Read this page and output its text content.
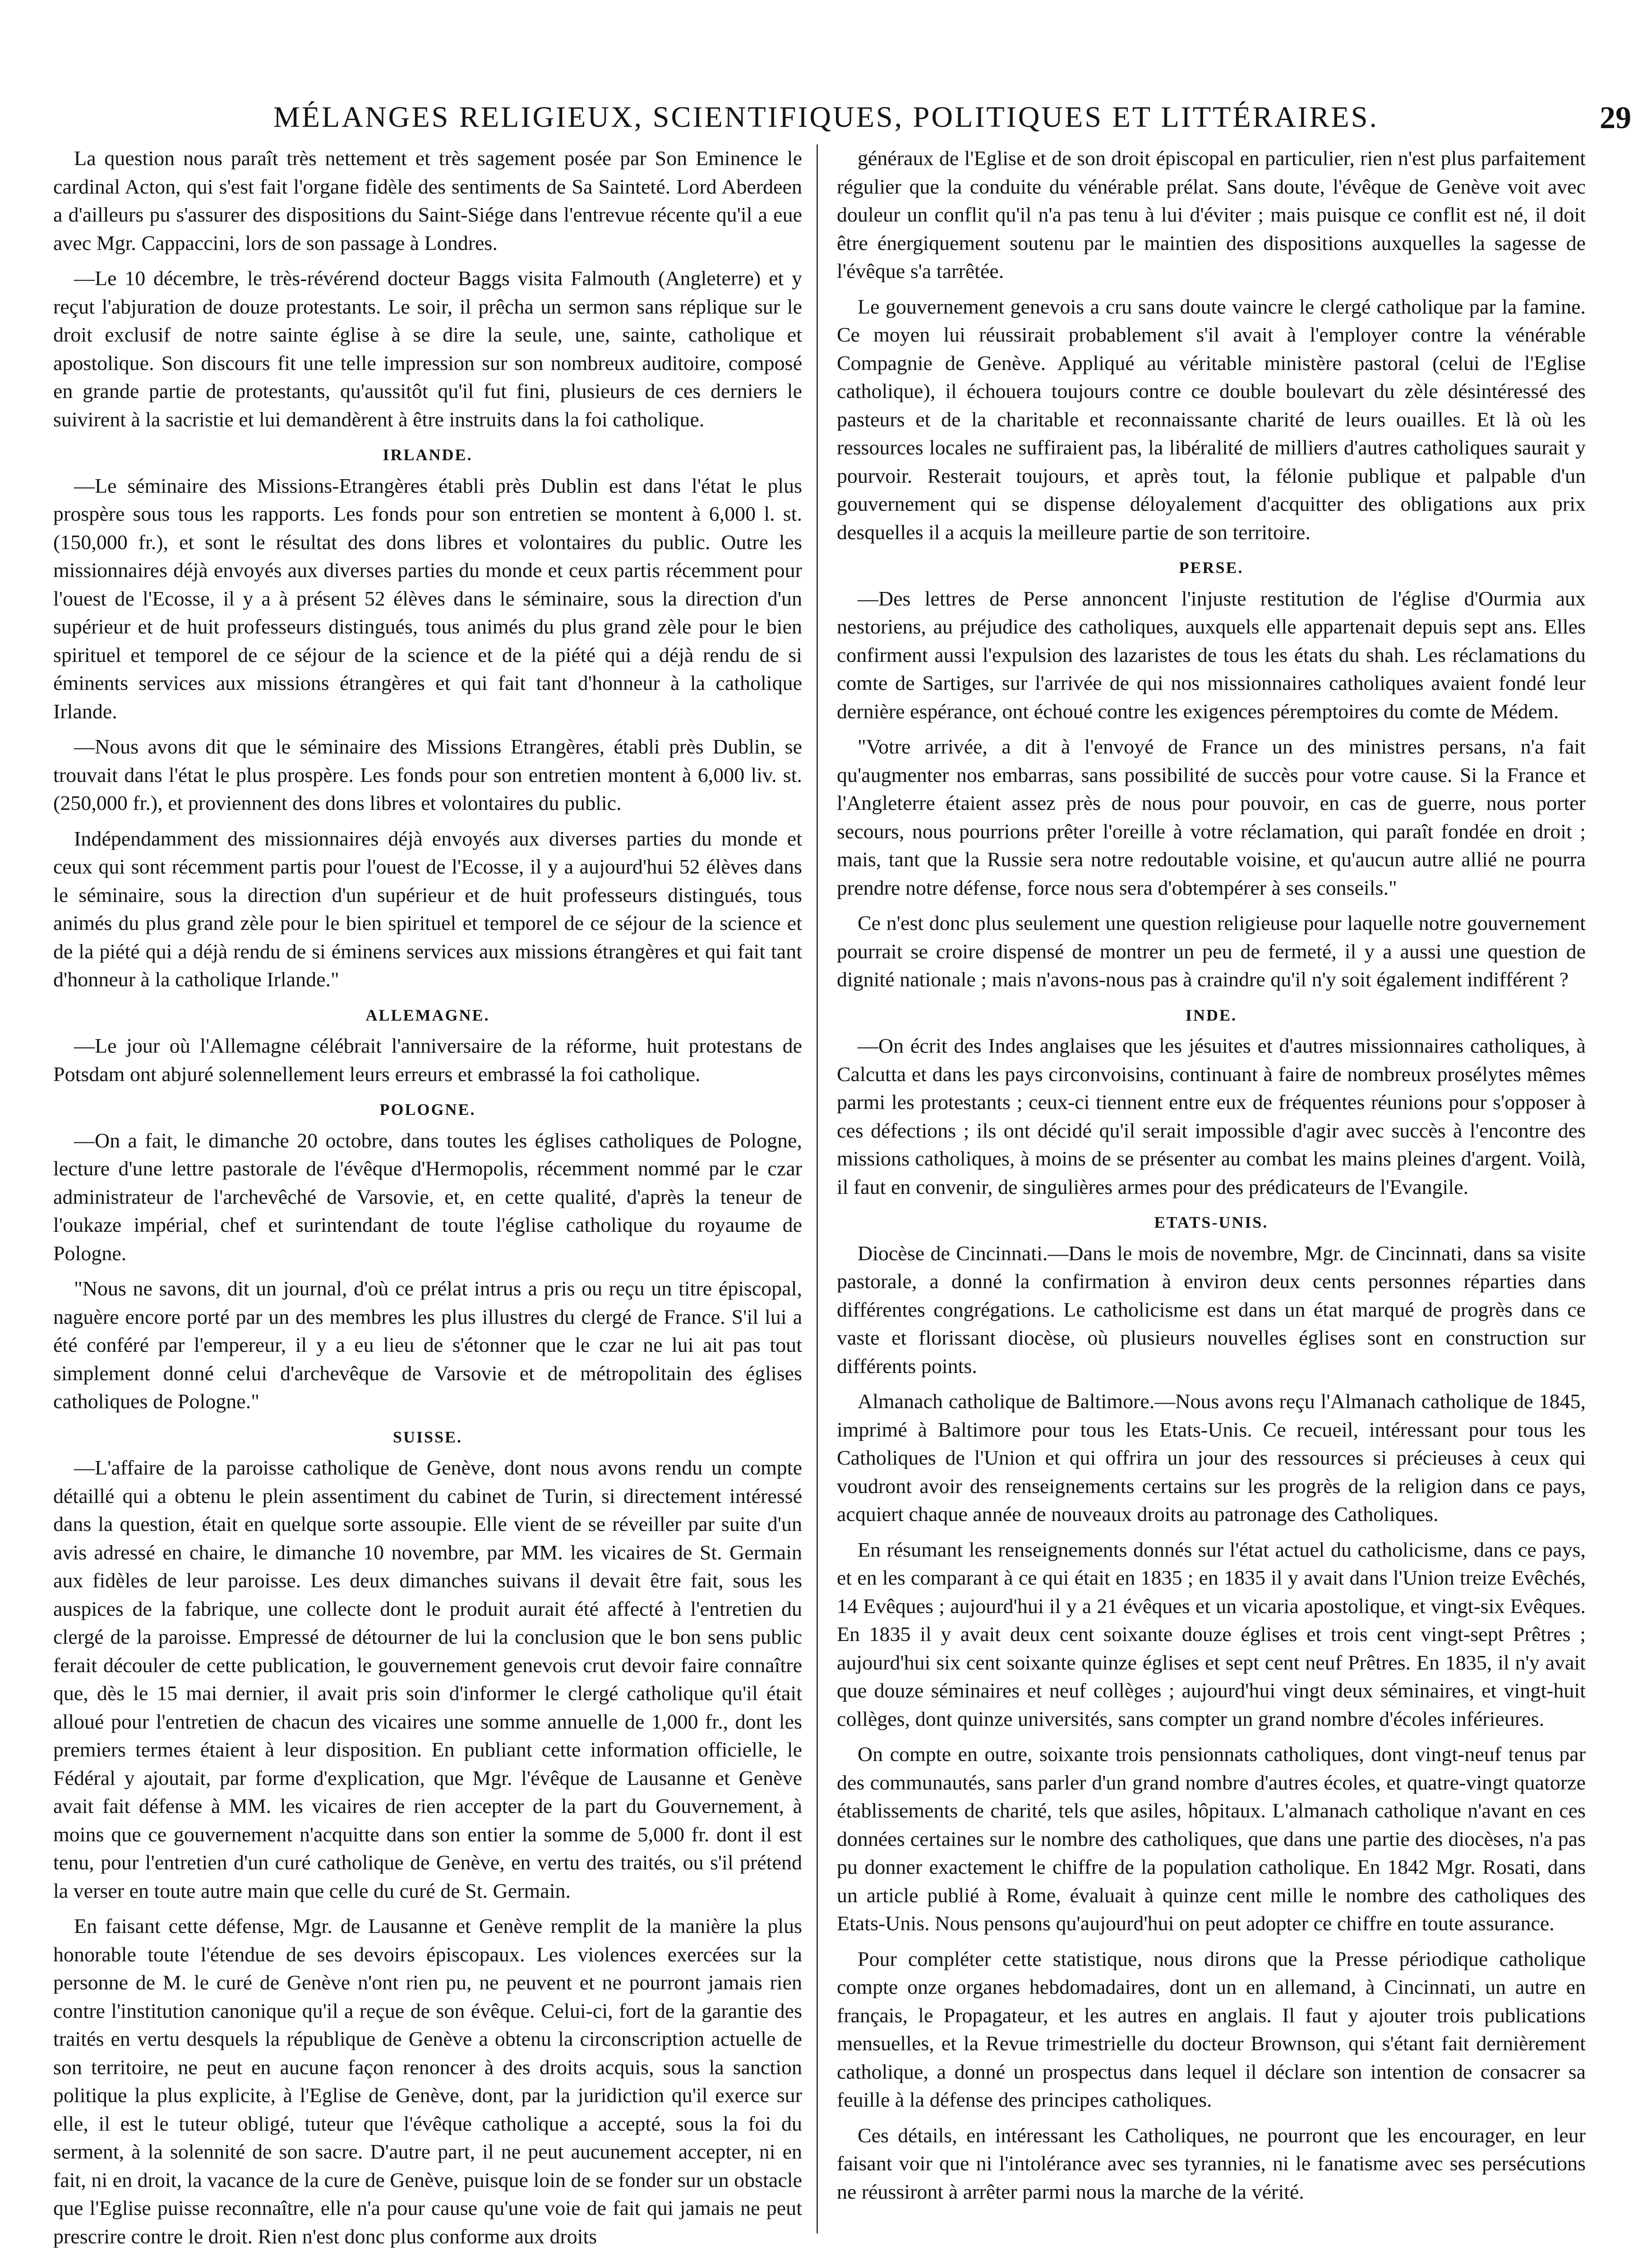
MÉLANGES RELIGIEUX, SCIENTIFIQUES, POLITIQUES ET LITTÉRAIRES.	29

La question nous paraît très nettement et très sagement posée par Son Eminence le cardinal Acton, qui s'est fait l'organe fidèle des sentiments de Sa Sainteté. Lord Aberdeen a d'ailleurs pu s'assurer des dispositions du Saint-Siége dans l'entrevue récente qu'il a eue avec Mgr. Cappaccini, lors de son passage à Londres.

—Le 10 décembre, le très-révérend docteur Baggs visita Falmouth (Angleterre) et y reçut l'abjuration de douze protestants. Le soir, il prêcha un sermon sans réplique sur le droit exclusif de notre sainte église à se dire la seule, une, sainte, catholique et apostolique. Son discours fit une telle impression sur son nombreux auditoire, composé en grande partie de protestants, qu'aussitôt qu'il fut fini, plusieurs de ces derniers le suivirent à la sacristie et lui demandèrent à être instruits dans la foi catholique.

IRLANDE.

—Le séminaire des Missions-Etrangères établi près Dublin est dans l'état le plus prospère sous tous les rapports. Les fonds pour son entretien se montent à 6,000 l. st. (150,000 fr.), et sont le résultat des dons libres et volontaires du public. Outre les missionnaires déjà envoyés aux diverses parties du monde et ceux partis récemment pour l'ouest de l'Ecosse, il y a à présent 52 élèves dans le séminaire, sous la direction d'un supérieur et de huit professeurs distingués, tous animés du plus grand zèle pour le bien spirituel et temporel de ce séjour de la science et de la piété qui a déjà rendu de si éminents services aux missions étrangères et qui fait tant d'honneur à la catholique Irlande.

—Nous avons dit que le séminaire des Missions Etrangères, établi près Dublin, se trouvait dans l'état le plus prospère. Les fonds pour son entretien montent à 6,000 liv. st. (250,000 fr.), et proviennent des dons libres et volontaires du public.

Indépendamment des missionnaires déjà envoyés aux diverses parties du monde et ceux qui sont récemment partis pour l'ouest de l'Ecosse, il y a aujourd'hui 52 élèves dans le séminaire, sous la direction d'un supérieur et de huit professeurs distingués, tous animés du plus grand zèle pour le bien spirituel et temporel de ce séjour de la science et de la piété qui a déjà rendu de si éminens services aux missions étrangères et qui fait tant d'honneur à la catholique Irlande."

ALLEMAGNE.

—Le jour où l'Allemagne célébrait l'anniversaire de la réforme, huit protestans de Potsdam ont abjuré solennellement leurs erreurs et embrassé la foi catholique.

POLOGNE.

—On a fait, le dimanche 20 octobre, dans toutes les églises catholiques de Pologne, lecture d'une lettre pastorale de l'évêque d'Hermopolis, récemment nommé par le czar administrateur de l'archevêché de Varsovie, et, en cette qualité, d'après la teneur de l'oukaze impérial, chef et surintendant de toute l'église catholique du royaume de Pologne.

"Nous ne savons, dit un journal, d'où ce prélat intrus a pris ou reçu un titre épiscopal, naguère encore porté par un des membres les plus illustres du clergé de France. S'il lui a été conféré par l'empereur, il y a eu lieu de s'étonner que le czar ne lui ait pas tout simplement donné celui d'archevêque de Varsovie et de métropolitain des églises catholiques de Pologne."

SUISSE.

—L'affaire de la paroisse catholique de Genève, dont nous avons rendu un compte détaillé qui a obtenu le plein assentiment du cabinet de Turin, si directement intéressé dans la question, était en quelque sorte assoupie. Elle vient de se réveiller par suite d'un avis adressé en chaire, le dimanche 10 novembre, par MM. les vicaires de St. Germain aux fidèles de leur paroisse. Les deux dimanches suivans il devait être fait, sous les auspices de la fabrique, une collecte dont le produit aurait été affecté à l'entretien du clergé de la paroisse. Empressé de détourner de lui la conclusion que le bon sens public ferait découler de cette publication, le gouvernement genevois crut devoir faire connaître que, dès le 15 mai dernier, il avait pris soin d'informer le clergé catholique qu'il était alloué pour l'entretien de chacun des vicaires une somme annuelle de 1,000 fr., dont les premiers termes étaient à leur disposition. En publiant cette information officielle, le Fédéral y ajoutait, par forme d'explication, que Mgr. l'évêque de Lausanne et Genève avait fait défense à MM. les vicaires de rien accepter de la part du Gouvernement, à moins que ce gouvernement n'acquitte dans son entier la somme de 5,000 fr. dont il est tenu, pour l'entretien d'un curé catholique de Genève, en vertu des traités, ou s'il prétend la verser en toute autre main que celle du curé de St. Germain.

En faisant cette défense, Mgr. de Lausanne et Genève remplit de la manière la plus honorable toute l'étendue de ses devoirs épiscopaux. Les violences exercées sur la personne de M. le curé de Genève n'ont rien pu, ne peuvent et ne pourront jamais rien contre l'institution canonique qu'il a reçue de son évêque. Celui-ci, fort de la garantie des traités en vertu desquels la république de Genève a obtenu la circonscription actuelle de son territoire, ne peut en aucune façon renoncer à des droits acquis, sous la sanction politique la plus explicite, à l'Eglise de Genève, dont, par la juridiction qu'il exerce sur elle, il est le tuteur obligé, tuteur que l'évêque catholique a accepté, sous la foi du serment, à la solennité de son sacre. D'autre part, il ne peut aucunement accepter, ni en fait, ni en droit, la vacance de la cure de Genève, puisque loin de se fonder sur un obstacle que l'Eglise puisse reconnaître, elle n'a pour cause qu'une voie de fait qui jamais ne peut prescrire contre le droit. Rien n'est donc plus conforme aux droits

généraux de l'Eglise et de son droit épiscopal en particulier, rien n'est plus parfaitement régulier que la conduite du vénérable prélat. Sans doute, l'évêque de Genève voit avec douleur un conflit qu'il n'a pas tenu à lui d'éviter ; mais puisque ce conflit est né, il doit être énergiquement soutenu par le maintien des dispositions auxquelles la sagesse de l'évêque s'a tarrêtée.

Le gouvernement genevois a cru sans doute vaincre le clergé catholique par la famine. Ce moyen lui réussirait probablement s'il avait à l'employer contre la vénérable Compagnie de Genève. Appliqué au véritable ministère pastoral (celui de l'Eglise catholique), il échouera toujours contre ce double boulevart du zèle désintéressé des pasteurs et de la charitable et reconnaissante charité de leurs ouailles. Et là où les ressources locales ne suffiraient pas, la libéralité de milliers d'autres catholiques saurait y pourvoir. Resterait toujours, et après tout, la félonie publique et palpable d'un gouvernement qui se dispense déloyalement d'acquitter des obligations aux prix desquelles il a acquis la meilleure partie de son territoire.

PERSE.

—Des lettres de Perse annoncent l'injuste restitution de l'église d'Ourmia aux nestoriens, au préjudice des catholiques, auxquels elle appartenait depuis sept ans. Elles confirment aussi l'expulsion des lazaristes de tous les états du shah. Les réclamations du comte de Sartiges, sur l'arrivée de qui nos missionnaires catholiques avaient fondé leur dernière espérance, ont échoué contre les exigences péremptoires du comte de Médem.

"Votre arrivée, a dit à l'envoyé de France un des ministres persans, n'a fait qu'augmenter nos embarras, sans possibilité de succès pour votre cause. Si la France et l'Angleterre étaient assez près de nous pour pouvoir, en cas de guerre, nous porter secours, nous pourrions prêter l'oreille à votre réclamation, qui paraît fondée en droit ; mais, tant que la Russie sera notre redoutable voisine, et qu'aucun autre allié ne pourra prendre notre défense, force nous sera d'obtempérer à ses conseils."

Ce n'est donc plus seulement une question religieuse pour laquelle notre gouvernement pourrait se croire dispensé de montrer un peu de fermeté, il y a aussi une question de dignité nationale ; mais n'avons-nous pas à craindre qu'il n'y soit également indifférent ?

INDE.

—On écrit des Indes anglaises que les jésuites et d'autres missionnaires catholiques, à Calcutta et dans les pays circonvoisins, continuant à faire de nombreux prosélytes mêmes parmi les protestants ; ceux-ci tiennent entre eux de fréquentes réunions pour s'opposer à ces défections ; ils ont décidé qu'il serait impossible d'agir avec succès à l'encontre des missions catholiques, à moins de se présenter au combat les mains pleines d'argent. Voilà, il faut en convenir, de singulières armes pour des prédicateurs de l'Evangile.

ETATS-UNIS.

Diocèse de Cincinnati.—Dans le mois de novembre, Mgr. de Cincinnati, dans sa visite pastorale, a donné la confirmation à environ deux cents personnes réparties dans différentes congrégations. Le catholicisme est dans un état marqué de progrès dans ce vaste et florissant diocèse, où plusieurs nouvelles églises sont en construction sur différents points.

Almanach catholique de Baltimore.—Nous avons reçu l'Almanach catholique de 1845, imprimé à Baltimore pour tous les Etats-Unis. Ce recueil, intéressant pour tous les Catholiques de l'Union et qui offrira un jour des ressources si précieuses à ceux qui voudront avoir des renseignements certains sur les progrès de la religion dans ce pays, acquiert chaque année de nouveaux droits au patronage des Catholiques.

En résumant les renseignements donnés sur l'état actuel du catholicisme, dans ce pays, et en les comparant à ce qui était en 1835 ; en 1835 il y avait dans l'Union treize Evêchés, 14 Evêques ; aujourd'hui il y a 21 évêques et un vicaria apostolique, et vingt-six Evêques. En 1835 il y avait deux cent soixante douze églises et trois cent vingt-sept Prêtres ; aujourd'hui six cent soixante quinze églises et sept cent neuf Prêtres. En 1835, il n'y avait que douze séminaires et neuf collèges ; aujourd'hui vingt deux séminaires, et vingt-huit collèges, dont quinze universités, sans compter un grand nombre d'écoles inférieures.

On compte en outre, soixante trois pensionnats catholiques, dont vingt-neuf tenus par des communautés, sans parler d'un grand nombre d'autres écoles, et quatre-vingt quatorze établissements de charité, tels que asiles, hôpitaux. L'almanach catholique n'avant en ces données certaines sur le nombre des catholiques, que dans une partie des diocèses, n'a pas pu donner exactement le chiffre de la population catholique. En 1842 Mgr. Rosati, dans un article publié à Rome, évaluait à quinze cent mille le nombre des catholiques des Etats-Unis. Nous pensons qu'aujourd'hui on peut adopter ce chiffre en toute assurance.

Pour compléter cette statistique, nous dirons que la Presse périodique catholique compte onze organes hebdomadaires, dont un en allemand, à Cincinnati, un autre en français, le Propagateur, et les autres en anglais. Il faut y ajouter trois publications mensuelles, et la Revue trimestrielle du docteur Brownson, qui s'étant fait dernièrement catholique, a donné un prospectus dans lequel il déclare son intention de consacrer sa feuille à la défense des principes catholiques.

Ces détails, en intéressant les Catholiques, ne pourront que les encourager, en leur faisant voir que ni l'intolérance avec ses tyrannies, ni le fanatisme avec ses persécutions ne réussiront à arrêter parmi nous la marche de la vérité.
